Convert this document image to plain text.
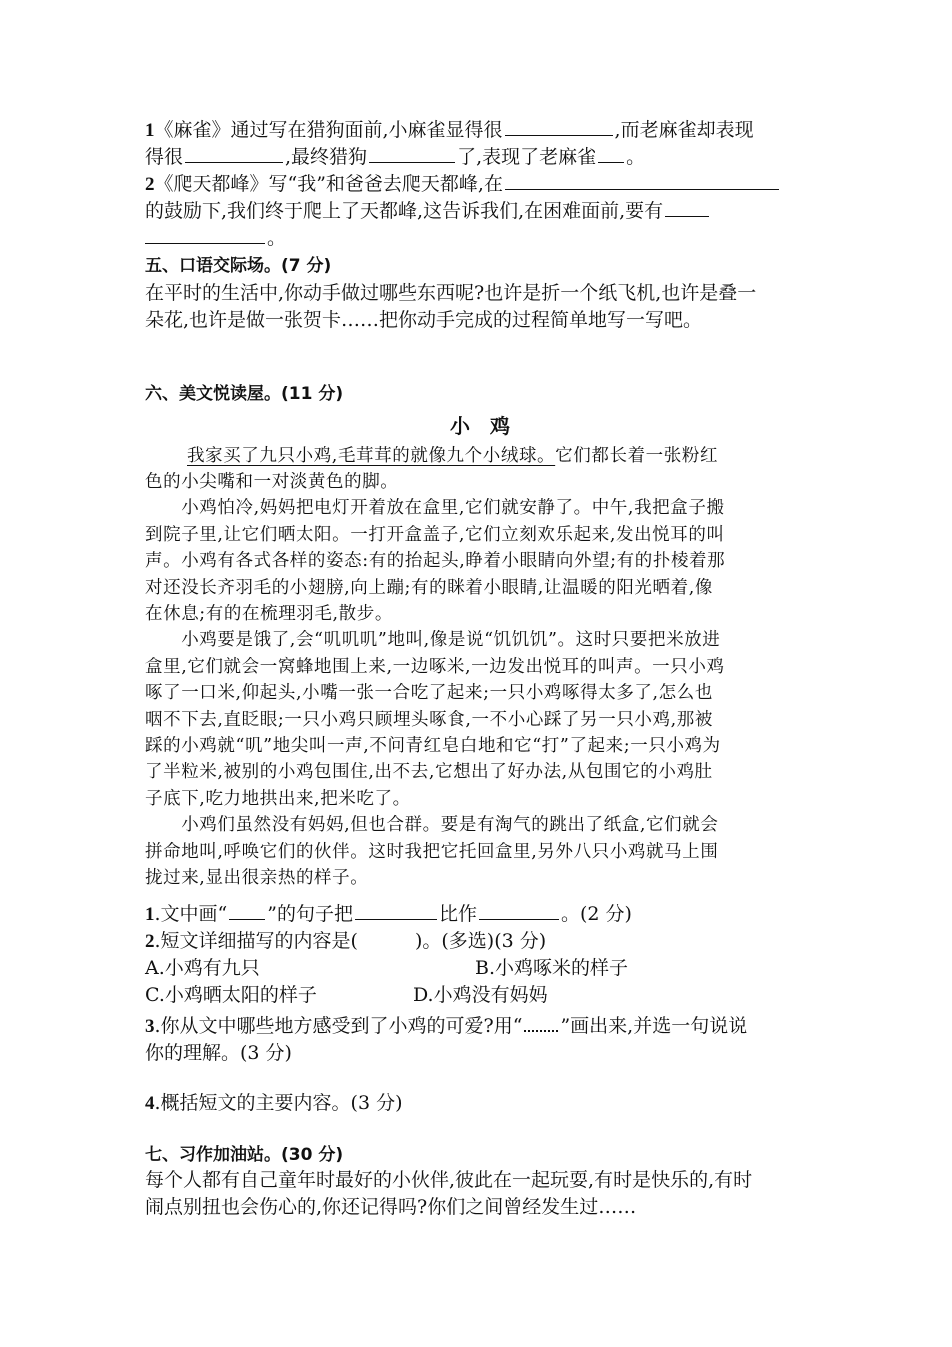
1《麻雀》通过写在猎狗面前,小麻雀显得很	,而老麻雀却表现
得很	,最终猎狗	了,表现了老麻雀 。
2《爬天都峰》写“我”和爸爸去爬天都峰,在
的鼓励下,我们终于爬上了天都峰,这告诉我们,在困难面前,要有
。
五、口语交际场。(7 分)
在平时的生活中,你动手做过哪些东西呢?也许是折一个纸飞机,也许是叠一
朵花,也许是做一张贺卡……把你动手完成的过程简单地写一写吧。
六、美文悦读屋。(11 分)
小　鸡
我家买了九只小鸡,毛茸茸的就像九个小绒球。它们都长着一张粉红
色的小尖嘴和一对淡黄色的脚。
　　小鸡怕冷,妈妈把电灯开着放在盒里,它们就安静了。中午,我把盒子搬
到院子里,让它们晒太阳。一打开盒盖子,它们立刻欢乐起来,发出悦耳的叫
声。小鸡有各式各样的姿态:有的抬起头,睁着小眼睛向外望;有的扑棱着那
对还没长齐羽毛的小翅膀,向上蹦;有的眯着小眼睛,让温暖的阳光晒着,像
在休息;有的在梳理羽毛,散步。
　　小鸡要是饿了,会“叽叽叽”地叫,像是说“饥饥饥”。这时只要把米放进
盒里,它们就会一窝蜂地围上来,一边啄米,一边发出悦耳的叫声。一只小鸡
啄了一口米,仰起头,小嘴一张一合吃了起来;一只小鸡啄得太多了,怎么也
咽不下去,直眨眼;一只小鸡只顾埋头啄食,一不小心踩了另一只小鸡,那被
踩的小鸡就“叽”地尖叫一声,不问青红皂白地和它“打”了起来;一只小鸡为
了半粒米,被别的小鸡包围住,出不去,它想出了好办法,从包围它的小鸡肚
子底下,吃力地拱出来,把米吃了。
　　小鸡们虽然没有妈妈,但也合群。要是有淘气的跳出了纸盒,它们就会
拼命地叫,呼唤它们的伙伴。这时我把它托回盒里,另外八只小鸡就马上围
拢过来,显出很亲热的样子。
1.文中画“ ”的句子把	比作	。(2 分)
2.短文详细描写的内容是(　　　)。(多选)(3 分)
A.小鸡有九只	B.小鸡啄米的样子
C.小鸡晒太阳的样子	D.小鸡没有妈妈
3.你从文中哪些地方感受到了小鸡的可爱?用“ ”画出来,并选一句说说
你的理解。(3 分)
4.概括短文的主要内容。(3 分)
七、习作加油站。(30 分)
每个人都有自己童年时最好的小伙伴,彼此在一起玩耍,有时是快乐的,有时
闹点别扭也会伤心的,你还记得吗?你们之间曾经发生过……
